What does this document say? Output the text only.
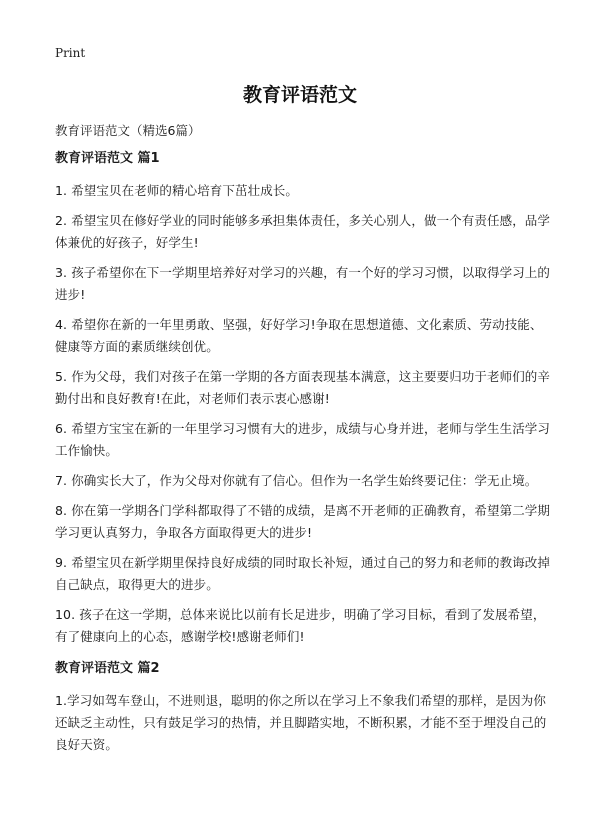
Print
教育评语范文
教育评语范文（精选6篇）
教育评语范文 篇1

1. 希望宝贝在老师的精心培育下茁壮成长。

2. 希望宝贝在修好学业的同时能够多承担集体责任，多关心别人，做一个有责任感，品学体兼优的好孩子，好学生!

3. 孩子希望你在下一学期里培养好对学习的兴趣，有一个好的学习习惯，以取得学习上的进步!

4. 希望你在新的一年里勇敢、坚强，好好学习!争取在思想道德、文化素质、劳动技能、健康等方面的素质继续创优。

5. 作为父母，我们对孩子在第一学期的各方面表现基本满意，这主要要归功于老师们的辛勤付出和良好教育!在此，对老师们表示衷心感谢!

6. 希望方宝宝在新的一年里学习习惯有大的进步，成绩与心身并进，老师与学生生活学习工作愉快。

7. 你确实长大了，作为父母对你就有了信心。但作为一名学生始终要记住：学无止境。

8. 你在第一学期各门学科都取得了不错的成绩，是离不开老师的正确教育，希望第二学期学习更认真努力，争取各方面取得更大的进步!

9. 希望宝贝在新学期里保持良好成绩的同时取长补短，通过自己的努力和老师的教诲改掉自己缺点，取得更大的进步。

10. 孩子在这一学期，总体来说比以前有长足进步，明确了学习目标，看到了发展希望，有了健康向上的心态，感谢学校!感谢老师们!

教育评语范文 篇2

1.学习如驾车登山，不进则退，聪明的你之所以在学习上不象我们希望的那样，是因为你还缺乏主动性，只有鼓足学习的热情，并且脚踏实地，不断积累，才能不至于埋没自己的良好天资。
